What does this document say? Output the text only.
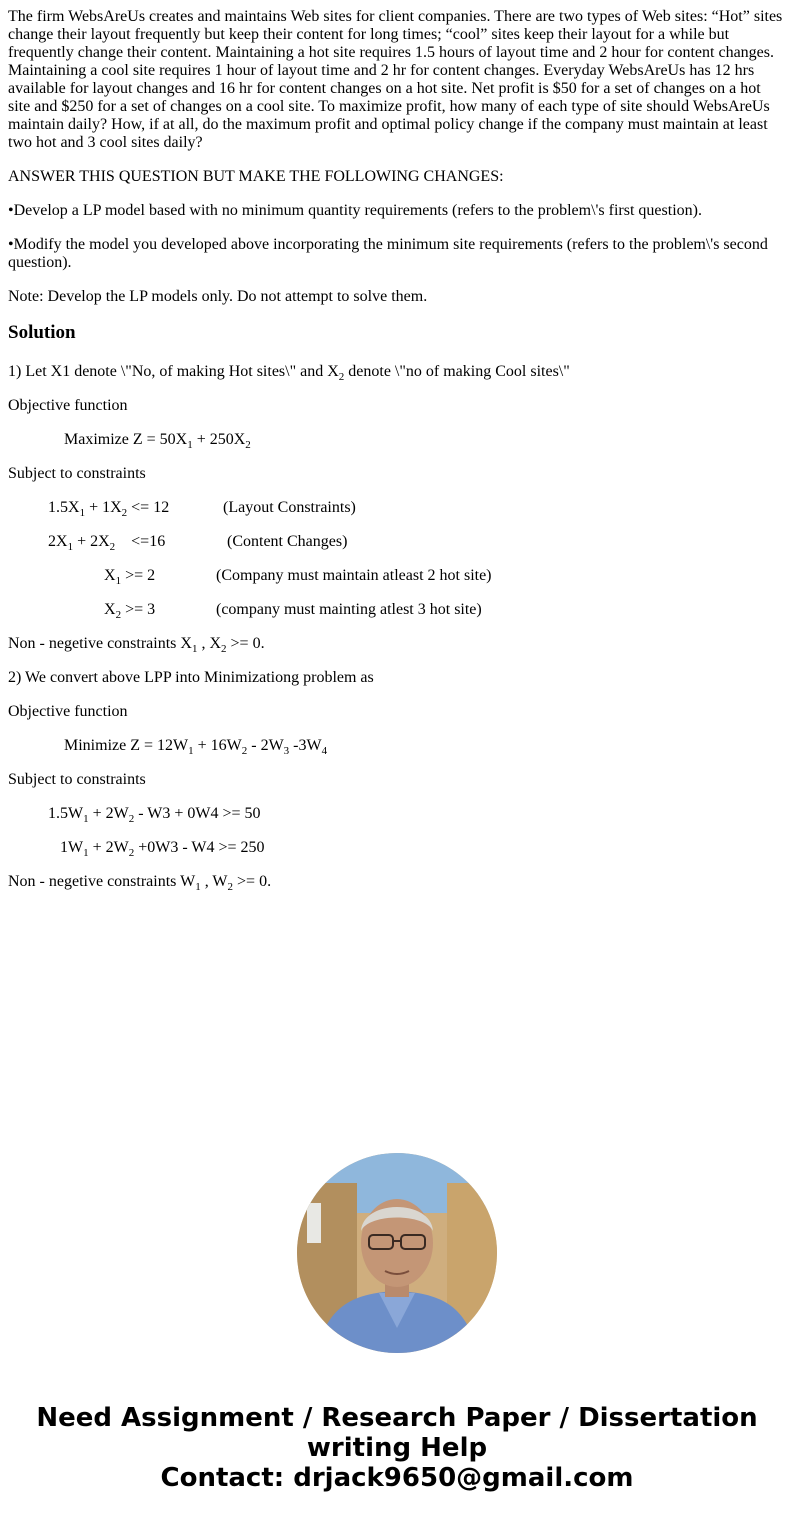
The firm WebsAreUs creates and maintains Web sites for client companies. There are two types of Web sites: “Hot” sites change their layout frequently but keep their content for long times; “cool” sites keep their layout for a while but frequently change their content. Maintaining a hot site requires 1.5 hours of layout time and 2 hour for content changes. Maintaining a cool site requires 1 hour of layout time and 2 hr for content changes. Everyday WebsAreUs has 12 hrs available for layout changes and 16 hr for content changes on a hot site. Net profit is $50 for a set of changes on a hot site and $250 for a set of changes on a cool site. To maximize profit, how many of each type of site should WebsAreUs maintain daily? How, if at all, do the maximum profit and optimal policy change if the company must maintain at least two hot and 3 cool sites daily?

ANSWER THIS QUESTION BUT MAKE THE FOLLOWING CHANGES:

•Develop a LP model based with no minimum quantity requirements (refers to the problem\'s first question).

•Modify the model you developed above incorporating the minimum site requirements (refers to the problem\'s second question).

Note: Develop the LP models only. Do not attempt to solve them.

Solution

1) Let X1 denote \"No, of making Hot sites\" and $X_2$ denote \"no of making Cool sites\"

Objective function

Maximize $Z = 50X_1 + 250X_2$

Subject to constraints

$1.5X_1 + 1X_2 <= 12$	(Layout Constraints)

$2X_1 + 2X_2$    <=16	(Content Changes)

$X_1 >= 2$	(Company must maintain atleast 2 hot site)

$X_2 >= 3$	(company must mainting atlest 3 hot site)

Non - negetive constraints $X_1$ , $X_2 >= 0$.

2) We convert above LPP into Minimizationg problem as

Objective function

Minimize $Z = 12W_1 + 16W_2 - 2W_3$ $-3W_4$

Subject to constraints

$1.5W_1 + 2W_2 - W3 + 0W4 >= 50$

$1W_1 + 2W_2 +0W3 - W4 >= 250$

Non - negetive constraints $W_1$ , $W_2 >= 0$.

Need Assignment / Research Paper / Dissertation
writing Help
Contact: drjack9650@gmail.com
